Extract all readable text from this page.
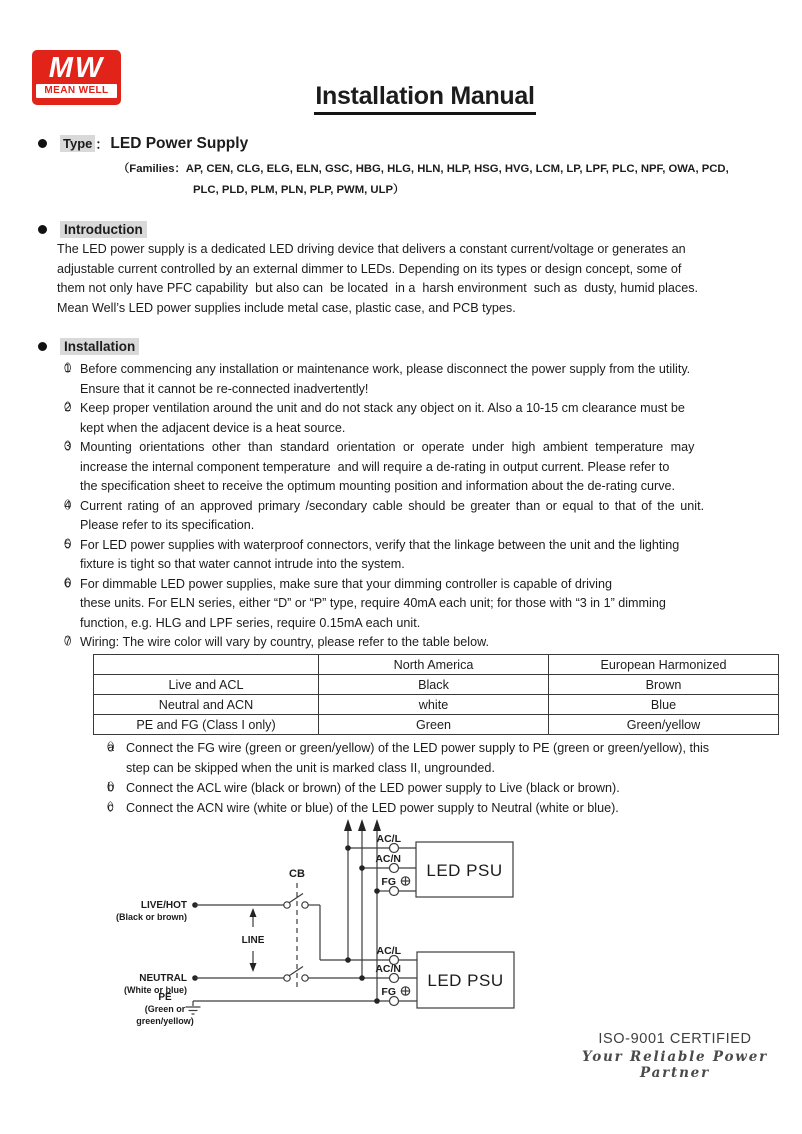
MW
MEAN WELL	Installation Manual
Type ： LED Power Supply
（Families：AP, CEN, CLG, ELG, ELN, GSC, HBG, HLG, HLN, HLP, HSG, HVG, LCM, LP, LPF, PLC, NPF, OWA, PCD,
PLC, PLD, PLM, PLN, PLP, PWM, ULP）
Introduction
The LED power supply is a dedicated LED driving device that delivers a constant current/voltage or generates an
adjustable current controlled by an external dimmer to LEDs. Depending on its types or design concept, some of
them not only have PFC capability  but also can  be located  in a  harsh environment  such as  dusty, humid places.
Mean Well’s LED power supplies include metal case, plastic case, and PCB types.
Installation
（1） Before commencing any installation or maintenance work, please disconnect the power supply from the utility.
Ensure that it cannot be re-connected inadvertently!
（2） Keep proper ventilation around the unit and do not stack any object on it. Also a 10-15 cm clearance must be
kept when the adjacent device is a heat source.
（3） Mounting orientations other than standard orientation or operate under high ambient temperature may
increase the internal component temperature  and will require a de-rating in output current. Please refer to
the specification sheet to receive the optimum mounting position and information about the de-rating curve.
（4） Current rating of an approved primary /secondary cable should be greater than or equal to that of the unit.
Please refer to its specification.
（5） For LED power supplies with waterproof connectors, verify that the linkage between the unit and the lighting
fixture is tight so that water cannot intrude into the system.
（6） For dimmable LED power supplies, make sure that your dimming controller is capable of driving
these units. For ELN series, either “D” or “P” type, require 40mA each unit; for those with “3 in 1” dimming
function, e.g. HLG and LPF series, require 0.15mA each unit.
（7） Wiring: The wire color will vary by country, please refer to the table below.
	North America	European Harmonized
Live and ACL	Black	Brown
Neutral and ACN	white	Blue
PE and FG (Class I only)	Green	Green/yellow
（a） Connect the FG wire (green or green/yellow) of the LED power supply to PE (green or green/yellow), this
step can be skipped when the unit is marked class II, ungrounded.
（b） Connect the ACL wire (black or brown) of the LED power supply to Live (black or brown).
（c） Connect the ACN wire (white or blue) of the LED power supply to Neutral (white or blue).
CB
LINE
LED PSU
LED PSU
AC/L
AC/N
FG
AC/L
AC/N
FG
LIVE/HOT
(Black or brown)
NEUTRAL
(White or blue)
PE
(Green or
green/yellow)
ISO-9001 CERTIFIED
Your Reliable Power Partner
